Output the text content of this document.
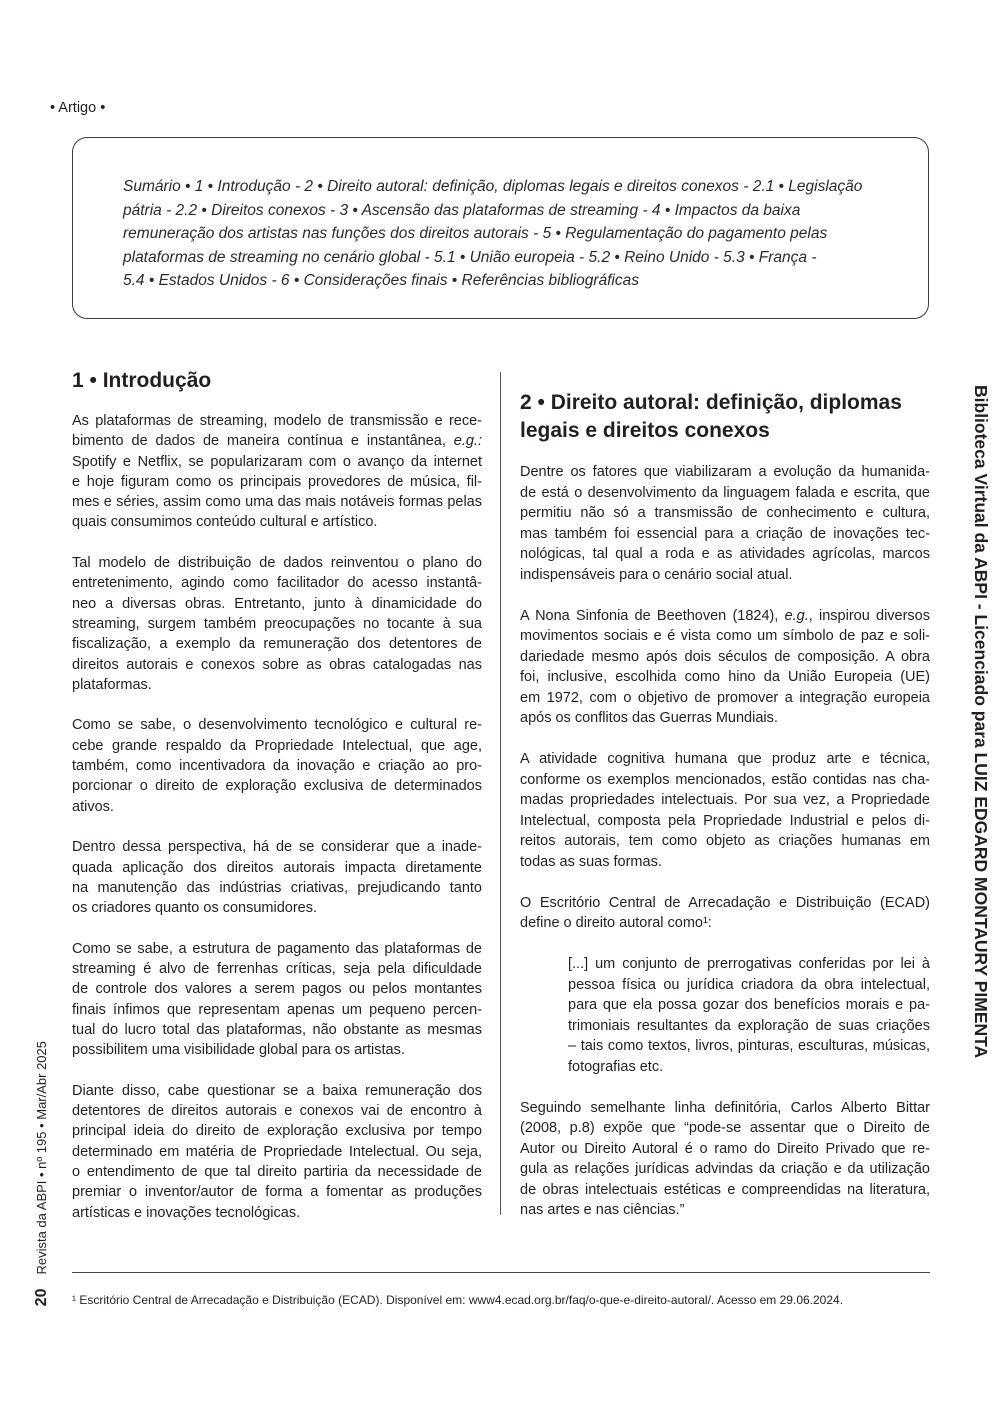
• Artigo •
Sumário • 1 • Introdução - 2 • Direito autoral: definição, diplomas legais e direitos conexos - 2.1 • Legislação
pátria - 2.2 • Direitos conexos - 3 • Ascensão das plataformas de streaming - 4 • Impactos da baixa
remuneração dos artistas nas funções dos direitos autorais - 5 • Regulamentação do pagamento pelas
plataformas de streaming no cenário global - 5.1 • União europeia - 5.2 • Reino Unido - 5.3 • França -
5.4 • Estados Unidos - 6 • Considerações finais • Referências bibliográficas
1 • Introdução
2 • Direito autoral: definição, diplomas
legais e direitos conexos
As plataformas de streaming, modelo de transmissão e rece-
bimento de dados de maneira contínua e instantânea, e.g.:
Spotify e Netflix, se popularizaram com o avanço da internet
e hoje figuram como os principais provedores de música, fil-
mes e séries, assim como uma das mais notáveis formas pelas
quais consumimos conteúdo cultural e artístico.
Tal modelo de distribuição de dados reinventou o plano do
entretenimento, agindo como facilitador do acesso instantâ-
neo a diversas obras. Entretanto, junto à dinamicidade do
streaming, surgem também preocupações no tocante à sua
fiscalização, a exemplo da remuneração dos detentores de
direitos autorais e conexos sobre as obras catalogadas nas
plataformas.
Como se sabe, o desenvolvimento tecnológico e cultural re-
cebe grande respaldo da Propriedade Intelectual, que age,
também, como incentivadora da inovação e criação ao pro-
porcionar o direito de exploração exclusiva de determinados
ativos.
Dentro dessa perspectiva, há de se considerar que a inade-
quada aplicação dos direitos autorais impacta diretamente
na manutenção das indústrias criativas, prejudicando tanto
os criadores quanto os consumidores.
Como se sabe, a estrutura de pagamento das plataformas de
streaming é alvo de ferrenhas críticas, seja pela dificuldade
de controle dos valores a serem pagos ou pelos montantes
finais ínfimos que representam apenas um pequeno percen-
tual do lucro total das plataformas, não obstante as mesmas
possibilitem uma visibilidade global para os artistas.
Diante disso, cabe questionar se a baixa remuneração dos
detentores de direitos autorais e conexos vai de encontro à
principal ideia do direito de exploração exclusiva por tempo
determinado em matéria de Propriedade Intelectual. Ou seja,
o entendimento de que tal direito partiria da necessidade de
premiar o inventor/autor de forma a fomentar as produções
artísticas e inovações tecnológicas.
Dentre os fatores que viabilizaram a evolução da humanida-
de está o desenvolvimento da linguagem falada e escrita, que
permitiu não só a transmissão de conhecimento e cultura,
mas também foi essencial para a criação de inovações tec-
nológicas, tal qual a roda e as atividades agrícolas, marcos
indispensáveis para o cenário social atual.
A Nona Sinfonia de Beethoven (1824), e.g., inspirou diversos
movimentos sociais e é vista como um símbolo de paz e soli-
dariedade mesmo após dois séculos de composição. A obra
foi, inclusive, escolhida como hino da União Europeia (UE)
em 1972, com o objetivo de promover a integração europeia
após os conflitos das Guerras Mundiais.
A atividade cognitiva humana que produz arte e técnica,
conforme os exemplos mencionados, estão contidas nas cha-
madas propriedades intelectuais. Por sua vez, a Propriedade
Intelectual, composta pela Propriedade Industrial e pelos di-
reitos autorais, tem como objeto as criações humanas em
todas as suas formas.
O Escritório Central de Arrecadação e Distribuição (ECAD)
define o direito autoral como¹:
[...] um conjunto de prerrogativas conferidas por lei à
pessoa física ou jurídica criadora da obra intelectual,
para que ela possa gozar dos benefícios morais e pa-
trimoniais resultantes da exploração de suas criações
– tais como textos, livros, pinturas, esculturas, músicas,
fotografias etc.
Seguindo semelhante linha definitória, Carlos Alberto Bittar
(2008, p.8) expõe que “pode-se assentar que o Direito de
Autor ou Direito Autoral é o ramo do Direito Privado que re-
gula as relações jurídicas advindas da criação e da utilização
de obras intelectuais estéticas e compreendidas na literatura,
nas artes e nas ciências.”
Biblioteca Virtual da ABPI - Licenciado para LUIZ EDGARD MONTAURY PIMENTA
20Revista da ABPI • nº 195 • Mar/Abr 2025
¹ Escritório Central de Arrecadação e Distribuição (ECAD). Disponível em: www4.ecad.org.br/faq/o-que-e-direito-autoral/. Acesso em 29.06.2024.
